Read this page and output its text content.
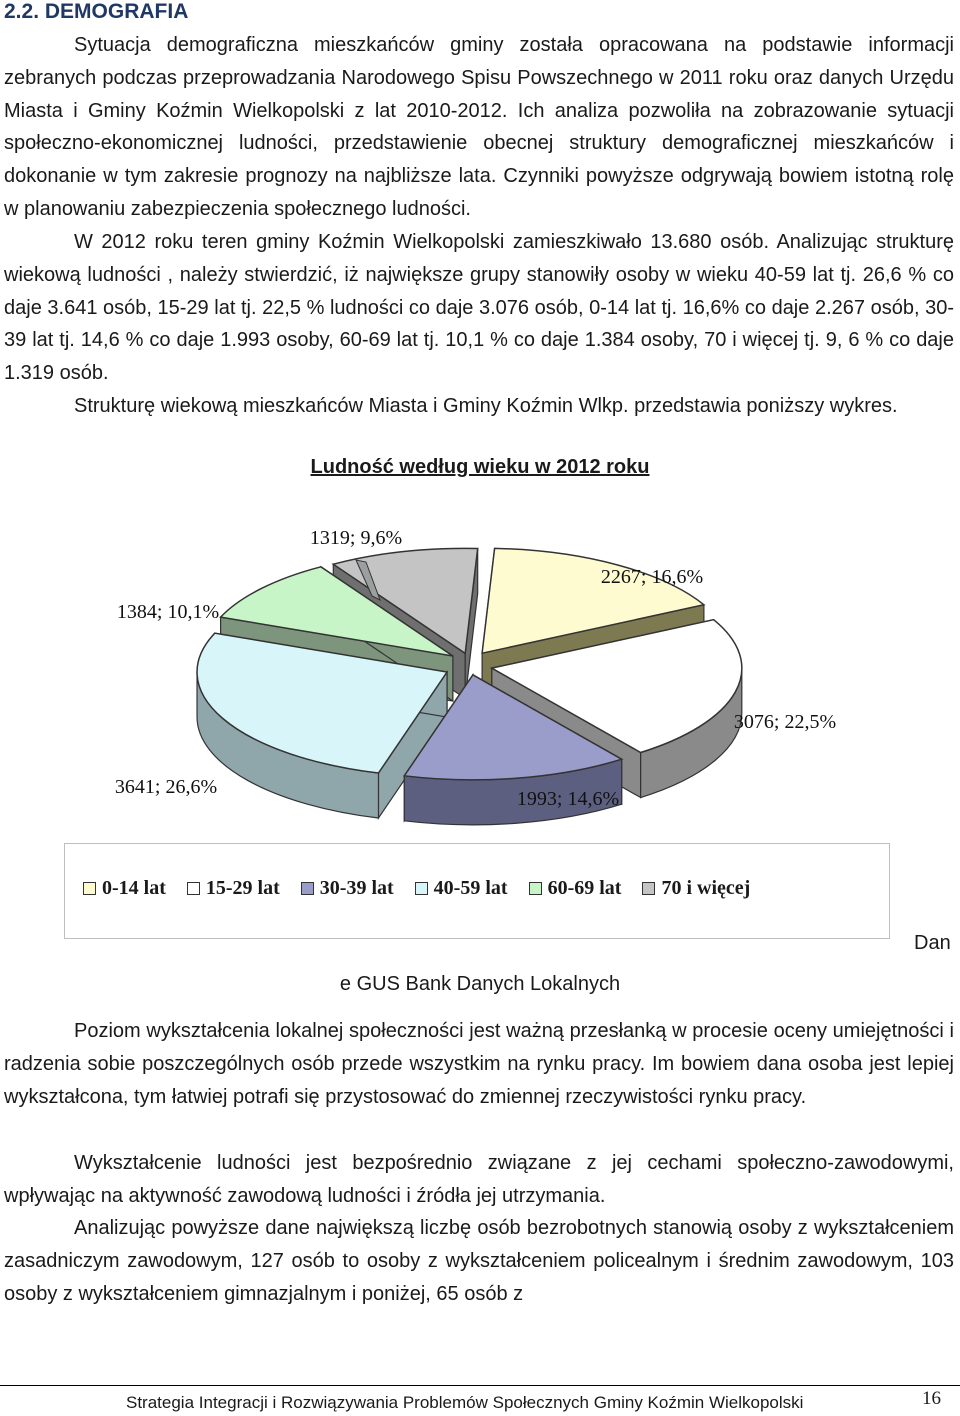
2.2. DEMOGRAFIA

Sytuacja demograficzna mieszkańców gminy została opracowana na podstawie informacji zebranych podczas przeprowadzania Narodowego Spisu Powszechnego w 2011 roku oraz danych Urzędu Miasta i Gminy Koźmin Wielkopolski z lat 2010-2012. Ich analiza pozwoliła na zobrazowanie sytuacji społeczno-ekonomicznej ludności, przedstawienie obecnej struktury demograficznej mieszkańców i dokonanie w tym zakresie prognozy na najbliższe lata. Czynniki powyższe odgrywają bowiem istotną rolę w planowaniu zabezpieczenia społecznego ludności.

W 2012 roku teren gminy Koźmin Wielkopolski zamieszkiwało 13.680 osób. Analizując strukturę wiekową ludności , należy stwierdzić, iż największe grupy stanowiły osoby w wieku 40-59 lat tj. 26,6 % co daje 3.641 osób, 15-29 lat tj. 22,5 % ludności co daje 3.076 osób, 0-14 lat tj. 16,6% co daje 2.267 osób, 30-39 lat tj. 14,6 % co daje 1.993 osoby, 60-69 lat tj. 10,1 % co daje 1.384 osoby, 70 i więcej tj. 9, 6 % co daje 1.319 osób.

Strukturę wiekową mieszkańców Miasta i Gminy Koźmin Wlkp. przedstawia poniższy wykres.

Ludność według wieku w 2012 roku
2267; 16,6%
3076; 22,5%
1993; 14,6%
3641; 26,6%
1384; 10,1%
1319; 9,6%
0-14 lat 15-29 lat 30-39 lat 40-59 lat 60-69 lat 70 i więcej
Dan
e GUS Bank Danych Lokalnych

Poziom wykształcenia lokalnej społeczności jest ważną przesłanką w procesie oceny umiejętności i radzenia sobie poszczególnych osób przede wszystkim na rynku pracy. Im bowiem dana osoba jest lepiej wykształcona, tym łatwiej potrafi się przystosować do zmiennej rzeczywistości rynku pracy.

Wykształcenie ludności jest bezpośrednio związane z jej cechami społeczno-zawodowymi, wpływając na aktywność zawodową ludności i źródła jej utrzymania.

Analizując powyższe dane największą liczbę osób bezrobotnych stanowią osoby z wykształceniem zasadniczym zawodowym, 127 osób to osoby z wykształceniem policealnym i średnim zawodowym, 103 osoby z wykształceniem gimnazjalnym i poniżej, 65 osób z

Strategia Integracji i Rozwiązywania Problemów Społecznych Gminy Koźmin Wielkopolski	16
